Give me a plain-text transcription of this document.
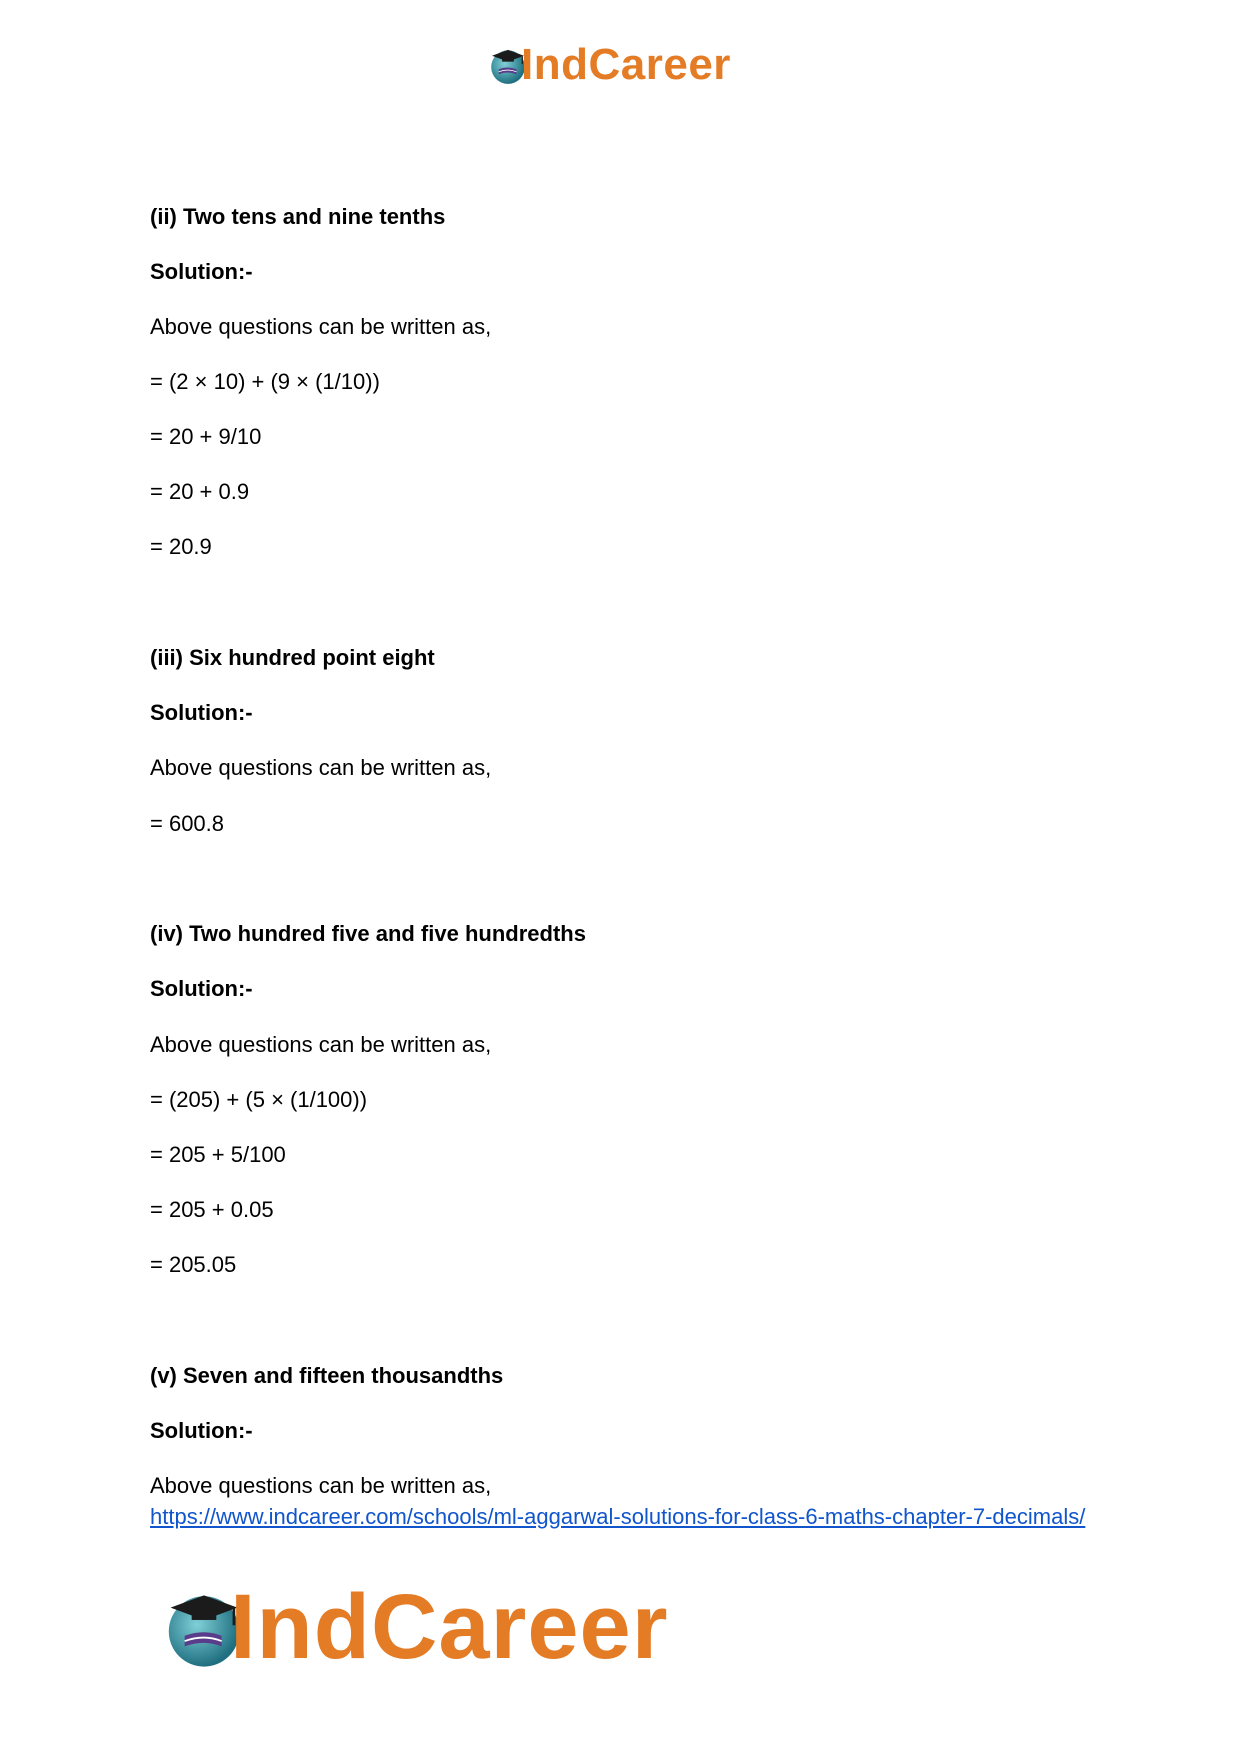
IndCareer
(ii) Two tens and nine tenths
Solution:-
Above questions can be written as,
= (2 × 10) + (9 × (1/10))
= 20 + 9/10
= 20 + 0.9
= 20.9
(iii) Six hundred point eight
Solution:-
Above questions can be written as,
= 600.8
(iv) Two hundred five and five hundredths
Solution:-
Above questions can be written as,
= (205) + (5 × (1/100))
= 205 + 5/100
= 205 + 0.05
= 205.05
(v) Seven and fifteen thousandths
Solution:-
Above questions can be written as,
https://www.indcareer.com/schools/ml-aggarwal-solutions-for-class-6-maths-chapter-7-decimals/
IndCareer
